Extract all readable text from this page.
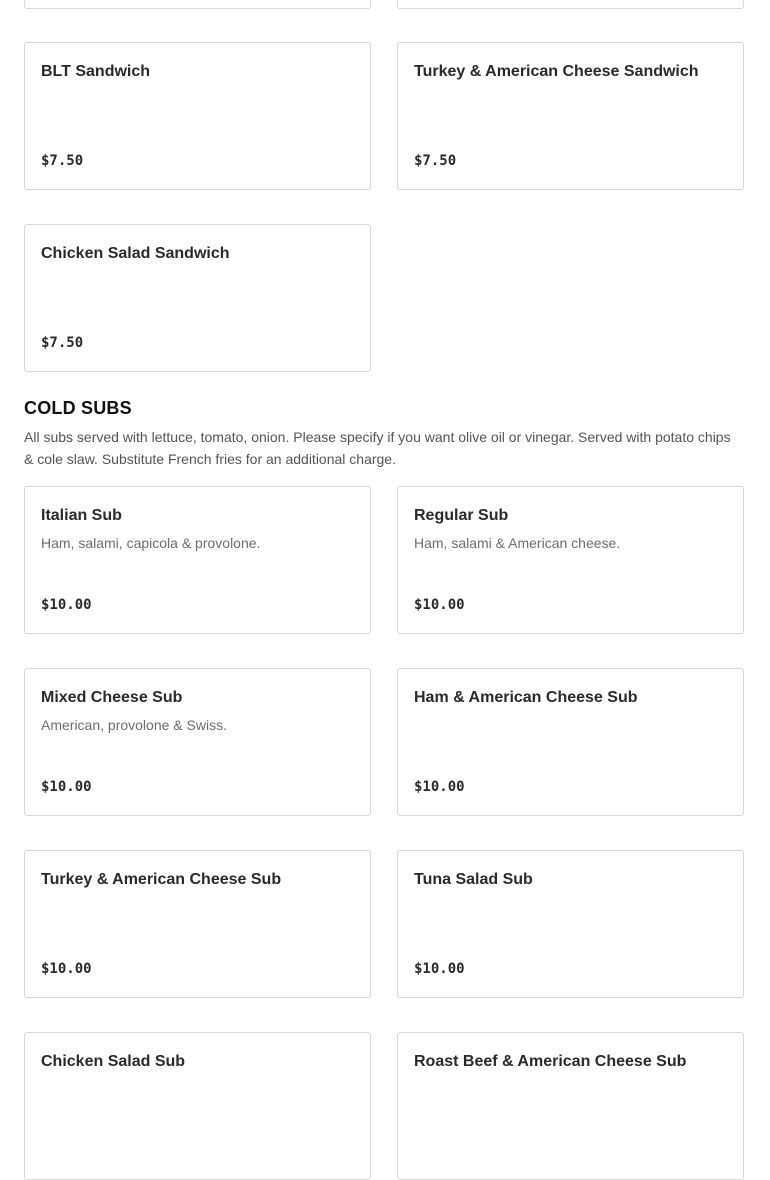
BLT Sandwich
$7.50
Turkey & American Cheese Sandwich
$7.50
Chicken Salad Sandwich
$7.50
COLD SUBS
All subs served with lettuce, tomato, onion. Please specify if you want olive oil or vinegar. Served with potato chips & cole slaw. Substitute French fries for an additional charge.
Italian Sub
Ham, salami, capicola & provolone.
$10.00
Regular Sub
Ham, salami & American cheese.
$10.00
Mixed Cheese Sub
American, provolone & Swiss.
$10.00
Ham & American Cheese Sub
$10.00
Turkey & American Cheese Sub
$10.00
Tuna Salad Sub
$10.00
Chicken Salad Sub	Roast Beef & American Cheese Sub
